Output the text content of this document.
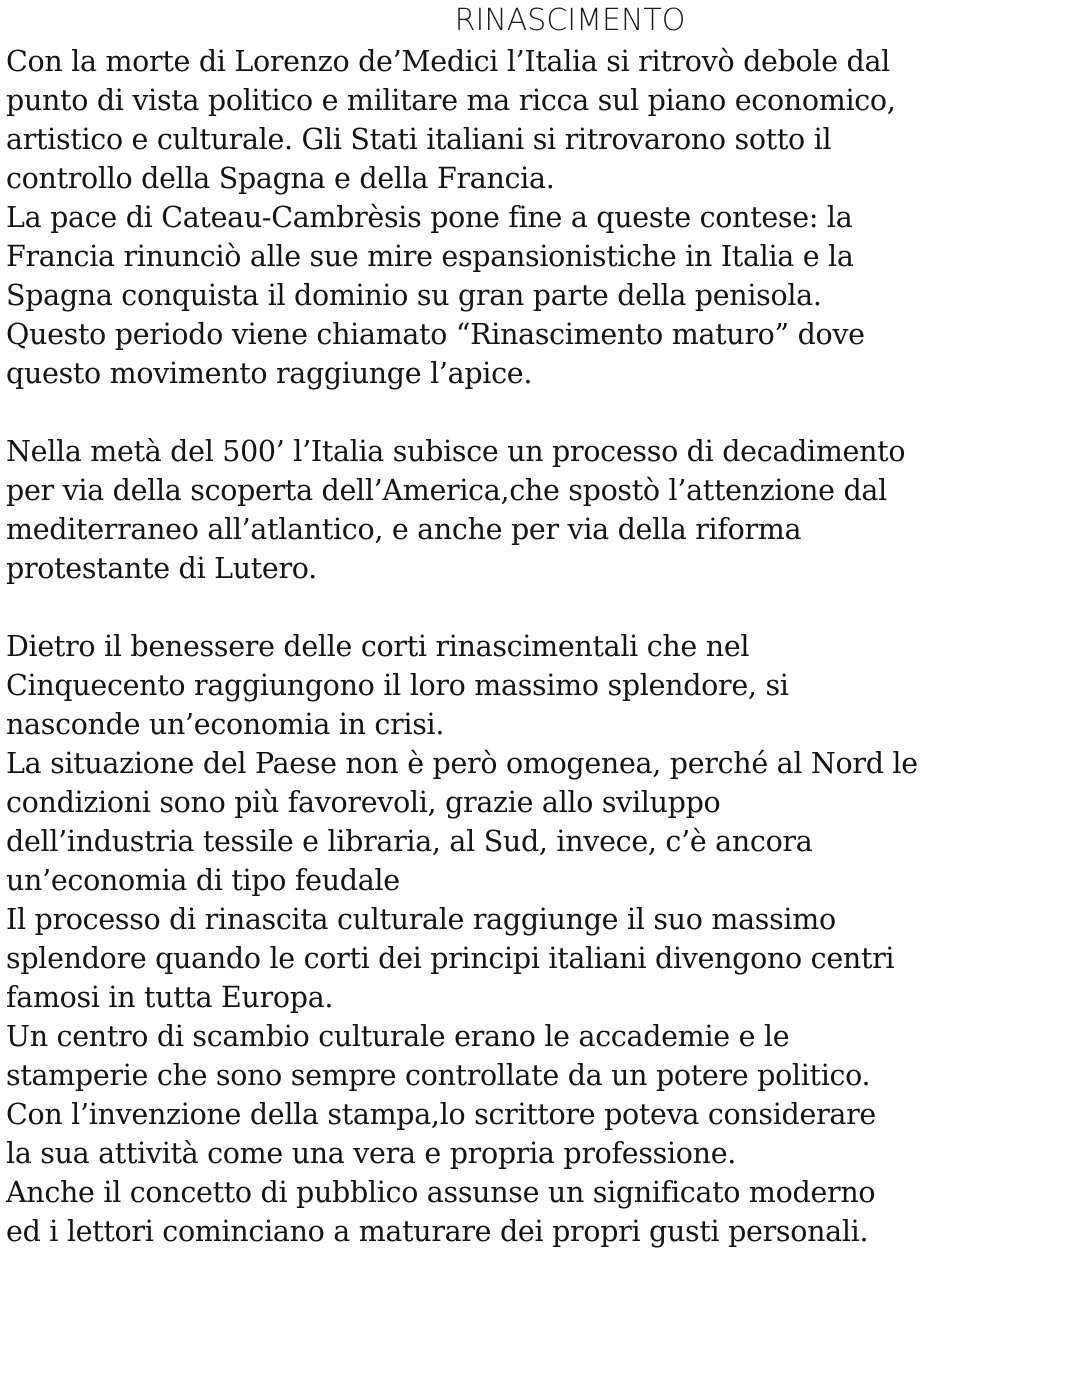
RINASCIMENTO
Con la morte di Lorenzo de’Medici l’Italia si ritrovò debole dal
punto di vista politico e militare ma ricca sul piano economico,
artistico e culturale. Gli Stati italiani si ritrovarono sotto il
controllo della Spagna e della Francia.
La pace di Cateau-Cambrèsis pone fine a queste contese: la
Francia rinunciò alle sue mire espansionistiche in Italia e la
Spagna conquista il dominio su gran parte della penisola.
Questo periodo viene chiamato “Rinascimento maturo” dove
questo movimento raggiunge l’apice.
Nella metà del 500’ l’Italia subisce un processo di decadimento
per via della scoperta dell’America,che spostò l’attenzione dal
mediterraneo all’atlantico, e anche per via della riforma
protestante di Lutero.
Dietro il benessere delle corti rinascimentali che nel
Cinquecento raggiungono il loro massimo splendore, si
nasconde un’economia in crisi.
La situazione del Paese non è però omogenea, perché al Nord le
condizioni sono più favorevoli, grazie allo sviluppo
dell’industria tessile e libraria, al Sud, invece, c’è ancora
un’economia di tipo feudale
Il processo di rinascita culturale raggiunge il suo massimo
splendore quando le corti dei principi italiani divengono centri
famosi in tutta Europa.
Un centro di scambio culturale erano le accademie e le
stamperie che sono sempre controllate da un potere politico.
Con l’invenzione della stampa,lo scrittore poteva considerare
la sua attività come una vera e propria professione.
Anche il concetto di pubblico assunse un significato moderno
ed i lettori cominciano a maturare dei propri gusti personali.
